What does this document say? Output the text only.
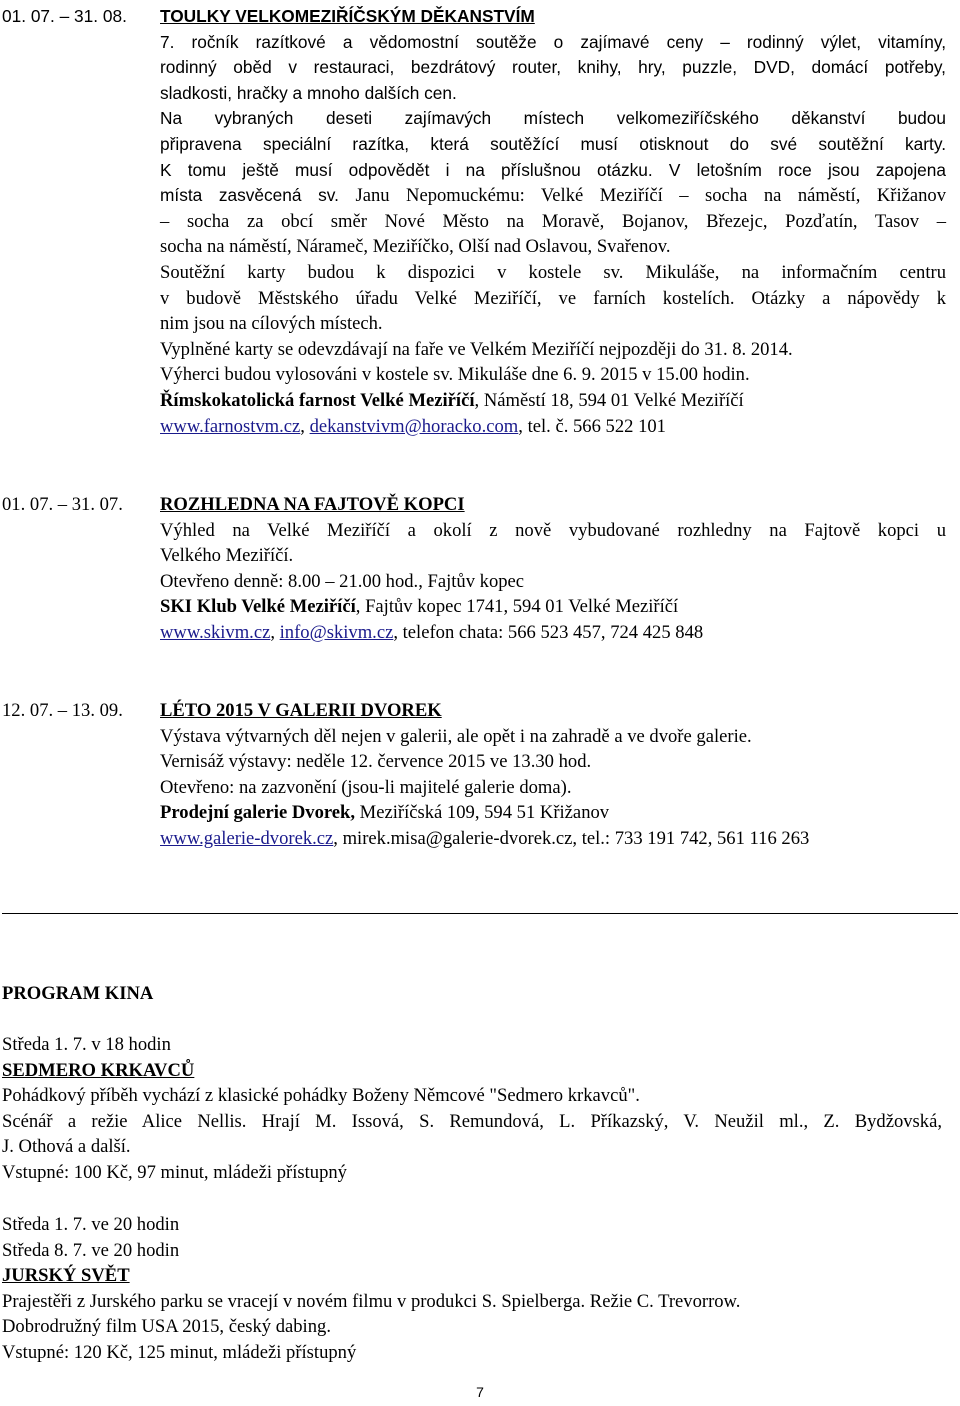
01. 07. – 31. 08. TOULKY VELKOMEZIŘÍČSKÝM DĚKANSTVÍM
7. ročník razítkové a vědomostní soutěže o zajímavé ceny – rodinný výlet, vitamíny,
rodinný oběd v restauraci, bezdrátový router, knihy, hry, puzzle, DVD, domácí potřeby,
sladkosti, hračky a mnoho dalších cen.
Na vybraných deseti zajímavých místech velkomeziříčského děkanství budou
připravena speciální razítka, která soutěžící musí otisknout do své soutěžní karty.
K tomu ještě musí odpovědět i na příslušnou otázku. V letošním roce jsou zapojena
místa zasvěcená sv. Janu Nepomuckému: Velké Meziříčí – socha na náměstí, Křižanov
– socha za obcí směr Nové Město na Moravě, Bojanov, Březejc, Pozďatín, Tasov –
socha na náměstí, Nárameč, Meziříčko, Olší nad Oslavou, Svařenov.
Soutěžní karty budou k dispozici v kostele sv. Mikuláše, na informačním centru
v budově Městského úřadu Velké Meziříčí, ve farních kostelích. Otázky a nápovědy k
nim jsou na cílových místech.
Vyplněné karty se odevzdávají na faře ve Velkém Meziříčí nejpozději do 31. 8. 2014.
Výherci budou vylosováni v kostele sv. Mikuláše dne 6. 9. 2015 v 15.00 hodin.
Římskokatolická farnost Velké Meziříčí, Náměstí 18, 594 01 Velké Meziříčí
www.farnostvm.cz, dekanstvivm@horacko.com, tel. č. 566 522 101
01. 07. – 31. 07. ROZHLEDNA NA FAJTOVĚ KOPCI
Výhled na Velké Meziříčí a okolí z nově vybudované rozhledny na Fajtově kopci u
Velkého Meziříčí.
Otevřeno denně: 8.00 – 21.00 hod., Fajtův kopec
SKI Klub Velké Meziříčí, Fajtův kopec 1741, 594 01 Velké Meziříčí
www.skivm.cz, info@skivm.cz, telefon chata: 566 523 457, 724 425 848
12. 07. – 13. 09. LÉTO 2015 V GALERII DVOREK
Výstava výtvarných děl nejen v galerii, ale opět i na zahradě a ve dvoře galerie.
Vernisáž výstavy: neděle 12. července 2015 ve 13.30 hod.
Otevřeno: na zazvonění (jsou-li majitelé galerie doma).
Prodejní galerie Dvorek, Meziříčská 109, 594 51 Křižanov
www.galerie-dvorek.cz, mirek.misa@galerie-dvorek.cz, tel.: 733 191 742, 561 116 263
PROGRAM KINA
Středa 1. 7. v 18 hodin
SEDMERO KRKAVCŮ
Pohádkový příběh vychází z klasické pohádky Boženy Němcové "Sedmero krkavců".
Scénář a režie Alice Nellis. Hrají M. Issová, S. Remundová, L. Příkazský, V. Neužil ml., Z. Bydžovská,
J. Othová a další.
Vstupné: 100 Kč, 97 minut, mládeži přístupný
Středa 1. 7. ve 20 hodin
Středa 8. 7. ve 20 hodin
JURSKÝ SVĚT
Prajestěři z Jurského parku se vracejí v novém filmu v produkci S. Spielberga. Režie C. Trevorrow.
Dobrodružný film USA 2015, český dabing.
Vstupné: 120 Kč, 125 minut, mládeži přístupný
7
